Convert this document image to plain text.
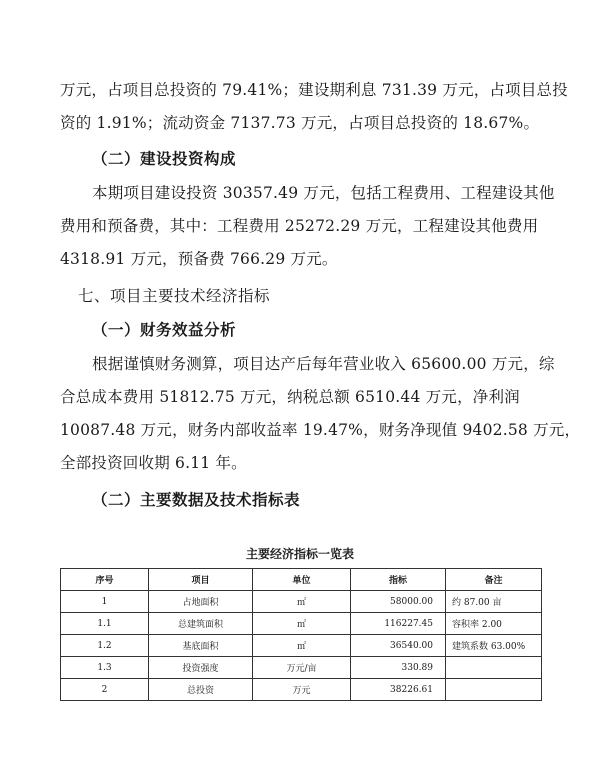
万元，占项目总投资的 79.41%；建设期利息 731.39 万元，占项目总投
资的 1.91%；流动资金 7137.73 万元，占项目总投资的 18.67%。
（二）建设投资构成
本期项目建设投资 30357.49 万元，包括工程费用、工程建设其他
费用和预备费，其中：工程费用 25272.29 万元，工程建设其他费用
4318.91 万元，预备费 766.29 万元。
七、项目主要技术经济指标
（一）财务效益分析
根据谨慎财务测算，项目达产后每年营业收入 65600.00 万元，综
合总成本费用 51812.75 万元，纳税总额 6510.44 万元，净利润
10087.48 万元，财务内部收益率 19.47%，财务净现值 9402.58 万元，
全部投资回收期 6.11 年。
（二）主要数据及技术指标表
主要经济指标一览表
序号	项目	单位	指标	备注
1	占地面积	㎡	58000.00	约 87.00 亩
1.1	总建筑面积	㎡	116227.45	容积率 2.00
1.2	基底面积	㎡	36540.00	建筑系数 63.00%
1.3	投资强度	万元/亩	330.89	
2	总投资	万元	38226.61	
